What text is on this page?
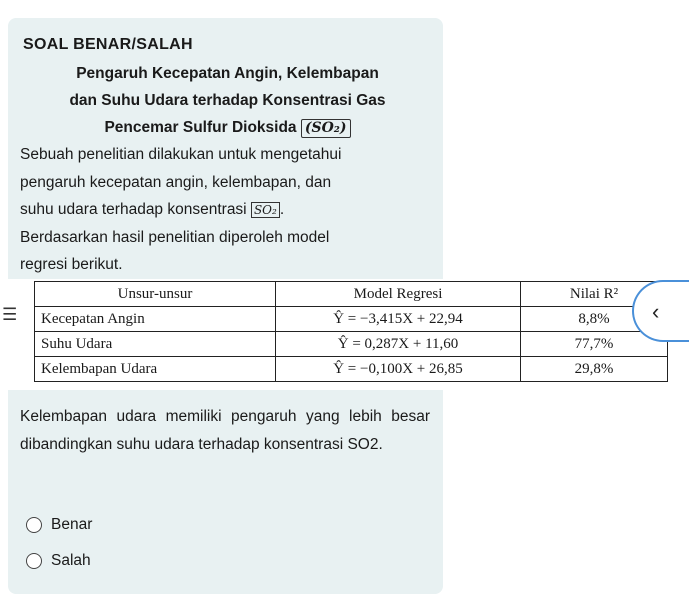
SOAL BENAR/SALAH
Pengaruh Kecepatan Angin, Kelembapan
dan Suhu Udara terhadap Konsentrasi Gas
Pencemar Sulfur Dioksida (SO₂)
Sebuah penelitian dilakukan untuk mengetahui
pengaruh kecepatan angin, kelembapan, dan
suhu udara terhadap konsentrasi SO₂ .
Berdasarkan hasil penelitian diperoleh model
regresi berikut.
☰
Unsur-unsur	Model Regresi	Nilai R²
Kecepatan Angin	Ŷ = −3,415X + 22,94	8,8%
Suhu Udara	Ŷ = 0,287X + 11,60	77,7%
Kelembapan Udara	Ŷ = −0,100X + 26,85	29,8%
‹
Kelembapan udara memiliki pengaruh yang lebih besar dibandingkan suhu udara terhadap konsentrasi SO2.
Benar
Salah
